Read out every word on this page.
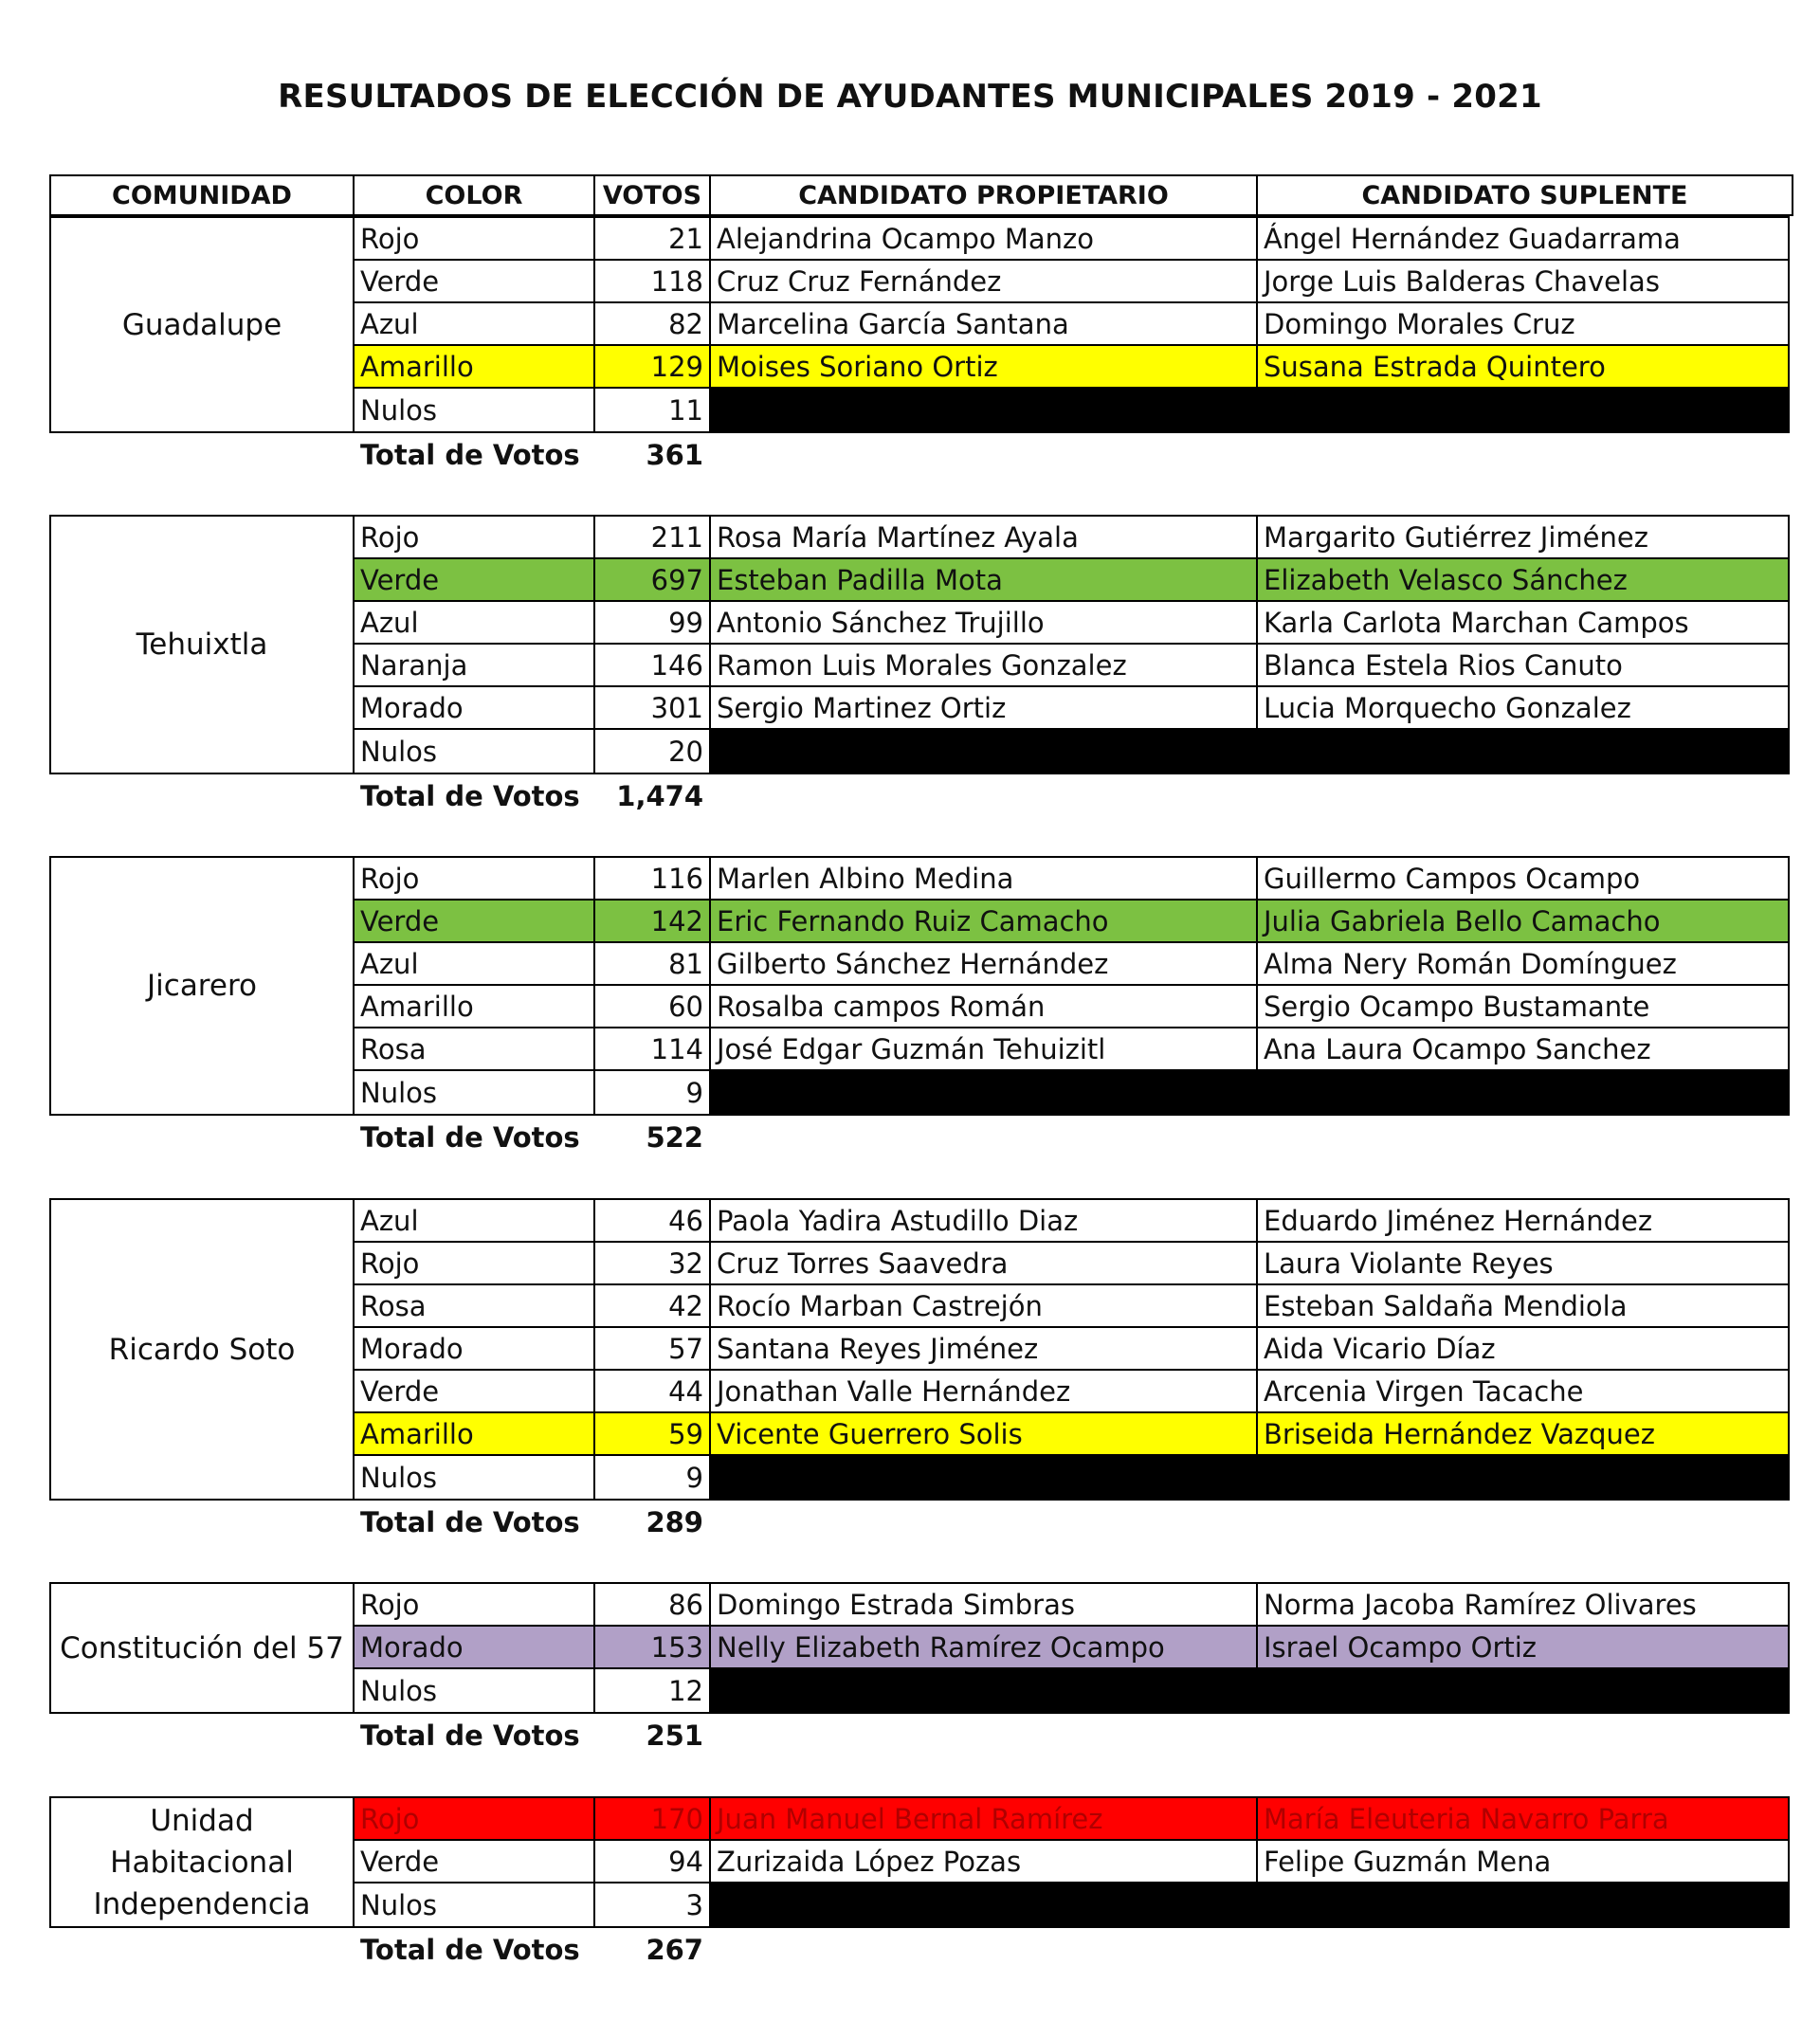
RESULTADOS DE ELECCIÓN DE AYUDANTES MUNICIPALES 2019 - 2021
COMUNIDAD	COLOR	VOTOS	CANDIDATO PROPIETARIO	CANDIDATO SUPLENTE
Guadalupe
Rojo	21 Alejandrina Ocampo Manzo	Ángel Hernández Guadarrama
Verde	118 Cruz Cruz Fernández	Jorge Luis Balderas Chavelas
Azul	82 Marcelina García Santana	Domingo Morales Cruz
Amarillo	129 Moises Soriano Ortiz	Susana Estrada Quintero
Nulos	11
Total de Votos	361
Tehuixtla
Rojo	211 Rosa María Martínez Ayala	Margarito Gutiérrez Jiménez
Verde	697 Esteban Padilla Mota	Elizabeth Velasco Sánchez
Azul	99 Antonio Sánchez Trujillo	Karla Carlota Marchan Campos
Naranja	146 Ramon Luis Morales Gonzalez	Blanca Estela Rios Canuto
Morado	301 Sergio Martinez Ortiz	Lucia Morquecho Gonzalez
Nulos	20
Total de Votos	1,474
Jicarero
Rojo	116 Marlen Albino Medina	Guillermo Campos Ocampo
Verde	142 Eric Fernando Ruiz Camacho	Julia Gabriela Bello Camacho
Azul	81 Gilberto Sánchez Hernández	Alma Nery Román Domínguez
Amarillo	60 Rosalba campos Román	Sergio Ocampo Bustamante
Rosa	114 José Edgar Guzmán Tehuizitl	Ana Laura Ocampo Sanchez
Nulos	9
Total de Votos	522
Ricardo Soto
Azul	46 Paola Yadira Astudillo Diaz	Eduardo Jiménez Hernández
Rojo	32 Cruz Torres Saavedra	Laura Violante Reyes
Rosa	42 Rocío Marban Castrejón	Esteban Saldaña Mendiola
Morado	57 Santana Reyes Jiménez	Aida Vicario Díaz
Verde	44 Jonathan Valle Hernández	Arcenia Virgen Tacache
Amarillo	59 Vicente Guerrero Solis	Briseida Hernández Vazquez
Nulos	9
Total de Votos	289
Constitución del 57
Rojo	86 Domingo Estrada Simbras	Norma Jacoba Ramírez Olivares
Morado	153 Nelly Elizabeth Ramírez Ocampo	Israel Ocampo Ortiz
Nulos	12
Total de Votos	251
Unidad Habitacional Independencia
Rojo	170 Juan Manuel Bernal Ramírez	María Eleuteria Navarro Parra
Verde	94 Zurizaida López Pozas	Felipe Guzmán Mena
Nulos	3
Total de Votos	267
